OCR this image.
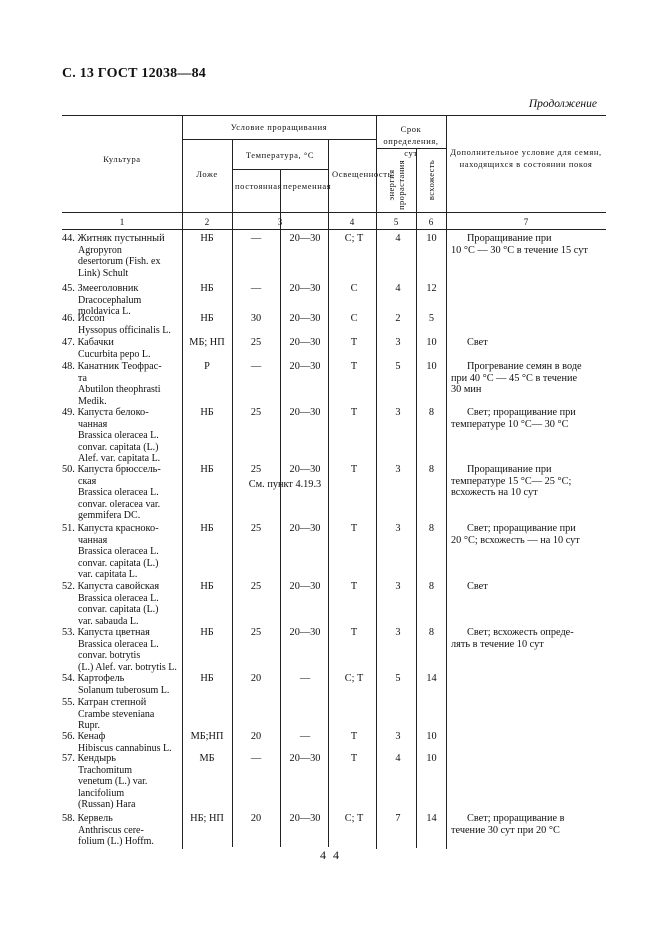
С. 13 ГОСТ 12038—84
Продолжение
Культура
Условие проращивания
Ложе
Температура, °С
постоянная переменная
Освещенность
Срок определения, сут
энергия прорастания всхожесть
Дополнительное условие для семян, находящихся в состоянии покоя
1	2	3	4	5	6	7
44. Житняк пустынный
Agropyron
desertorum (Fish. ex
Link) Schult
НБ	—	20—30	С; Т	4	10	Проращивание при
10 °С — 30 °С в течение 15 сут
45. Змееголовник
Dracocephalum
moldavica L.
НБ	—	20—30	С	4	12
46. Иссоп
Hyssopus officinalis L.
НБ	30	20—30	С	2	5
47. Кабачки
Cucurbita pepo L.
МБ; НП	25	20—30	Т	3	10	Свет
48. Канатник Теофрас-
та
Abutilon theophrasti
Medik.
Р	—	20—30	Т	5	10	Прогревание семян в воде
при 40 °С — 45 °С в течение
30 мин
49. Капуста белоко-
чанная
Brassica oleracea L.
convar. capitata (L.)
Alef. var. capitata L.
НБ	25	20—30	Т	3	8	Свет; проращивание при
температуре 10 °С— 30 °С
50. Капуста брюссель-
ская
Brassica oleracea L.
convar. oleracea var.
gemmifera DC.
НБ	25	20—30	Т	3	8	Проращивание при
температуре 15 °С— 25 °С;
всхожесть на 10 сут
51. Капуста красноко-
чанная
Brassica oleracea L.
convar. capitata (L.)
var. capitata L.
НБ	25	20—30	Т	3	8	Свет; проращивание при
20 °С; всхожесть — на 10 сут
52. Капуста савойская
Brassica oleracea L.
convar. capitata (L.)
var. sabauda L.
НБ	25	20—30	Т	3	8	Свет
53. Капуста цветная
Brassica oleracea L.
convar. botrytis
(L.) Alef. var. botrytis L.
НБ	25	20—30	Т	3	8	Свет; всхожесть опреде-
лять в течение 10 сут
54. Картофель
Solanum tuberosum L.
НБ	20	—	С; Т	5	14
55. Катран степной
Crambe steveniana
Rupr.
56. Кенаф
Hibiscus cannabinus L.
МБ;НП	20	—	Т	3	10
57. Кендырь
Trachomitum
venetum (L.) var.
lancifolium
(Russan) Hara
МБ	—	20—30	Т	4	10
58. Кервель
Anthriscus cere-
folium (L.) Hoffm.
НБ; НП	20	20—30	С; Т	7	14	Свет; проращивание в
течение 30 сут при 20 °С
См. пункт 4.19.3
4 4
